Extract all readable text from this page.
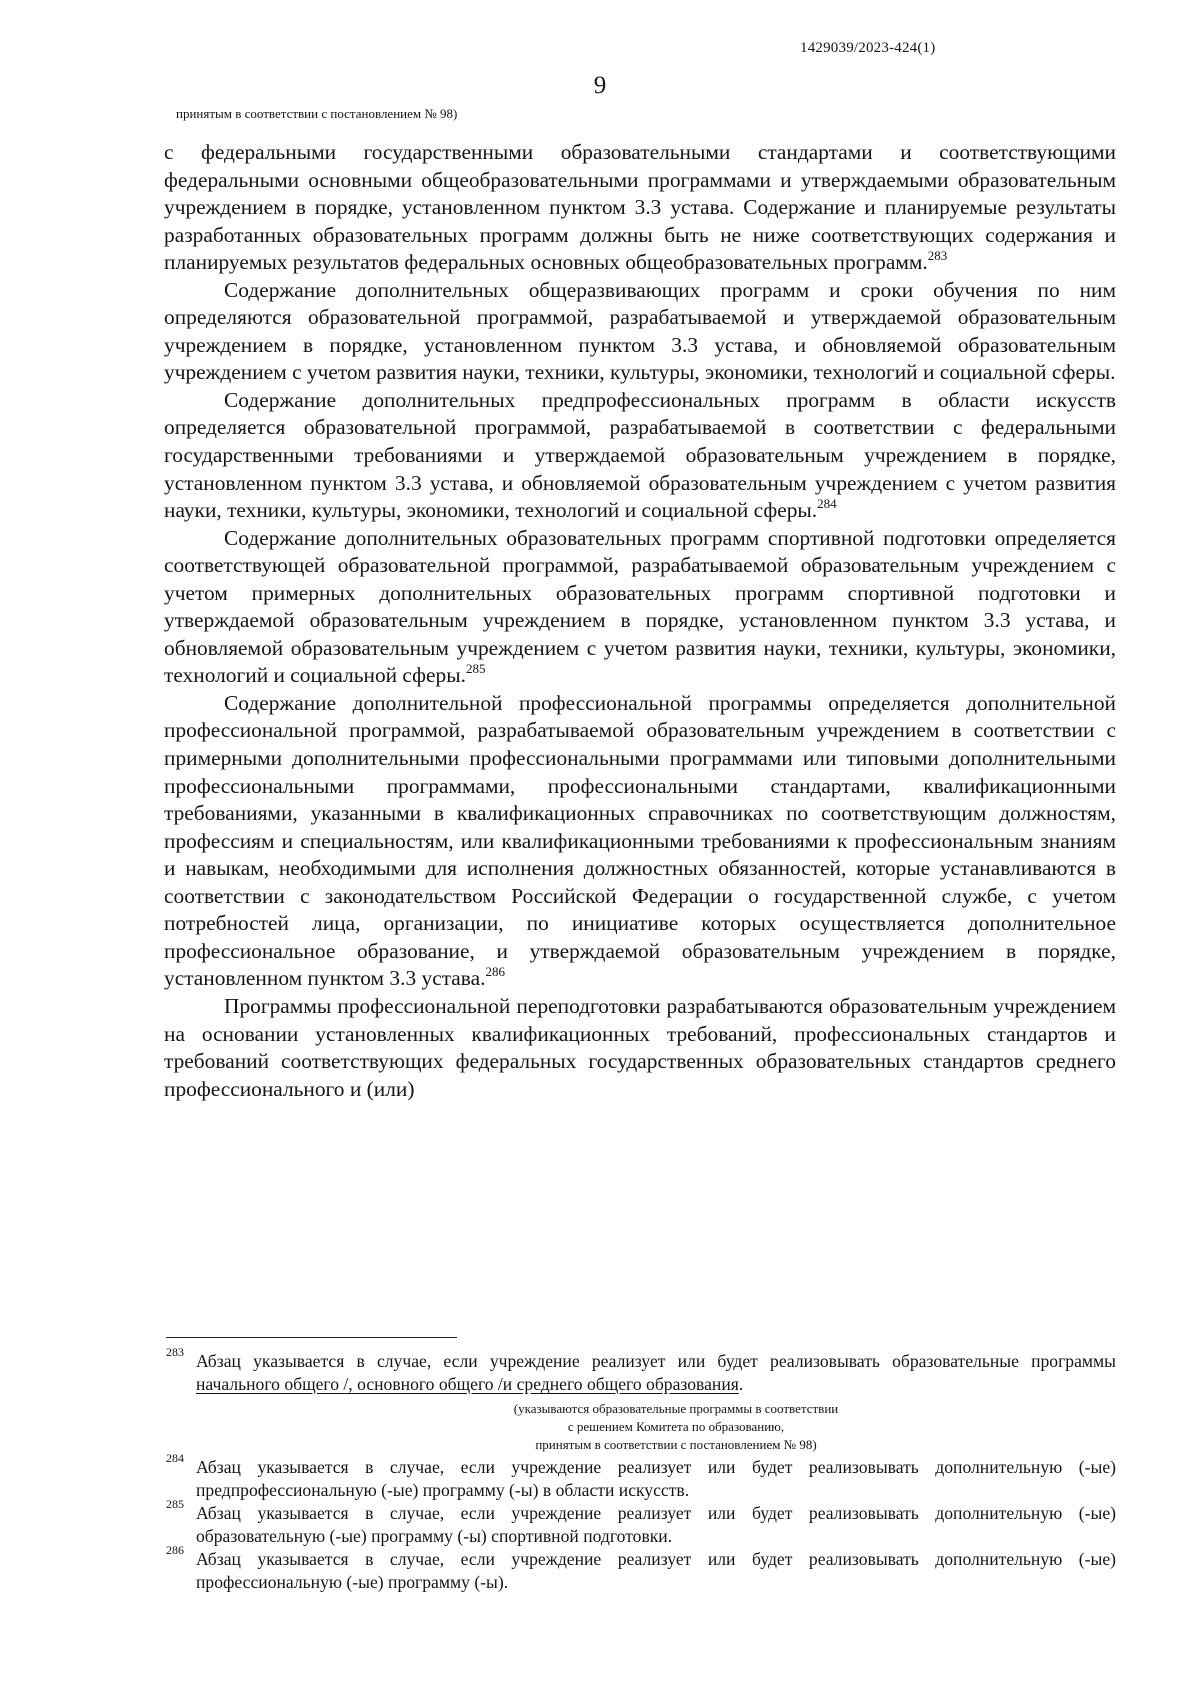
1429039/2023-424(1)
9
принятым в соответствии с постановлением № 98)

с федеральными государственными образовательными стандартами и соответствующими федеральными основными общеобразовательными программами и утверждаемыми образовательным учреждением в порядке, установленном пунктом 3.3 устава. Содержание и планируемые результаты разработанных образовательных программ должны быть не ниже соответствующих содержания и планируемых результатов федеральных основных общеобразовательных программ.$^{283}$

Содержание дополнительных общеразвивающих программ и сроки обучения по ним определяются образовательной программой, разрабатываемой и утверждаемой образовательным учреждением в порядке, установленном пунктом 3.3 устава, и обновляемой образовательным учреждением с учетом развития науки, техники, культуры, экономики, технологий и социальной сферы.

Содержание дополнительных предпрофессиональных программ в области искусств определяется образовательной программой, разрабатываемой в соответствии с федеральными государственными требованиями и утверждаемой образовательным учреждением в порядке, установленном пунктом 3.3 устава, и обновляемой образовательным учреждением с учетом развития науки, техники, культуры, экономики, технологий и социальной сферы.$^{284}$

Содержание дополнительных образовательных программ спортивной подготовки определяется соответствующей образовательной программой, разрабатываемой образовательным учреждением с учетом примерных дополнительных образовательных программ спортивной подготовки и утверждаемой образовательным учреждением в порядке, установленном пунктом 3.3 устава, и обновляемой образовательным учреждением с учетом развития науки, техники, культуры, экономики, технологий и социальной сферы.$^{285}$

Содержание дополнительной профессиональной программы определяется дополнительной профессиональной программой, разрабатываемой образовательным учреждением в соответствии с примерными дополнительными профессиональными программами или типовыми дополнительными профессиональными программами, профессиональными стандартами, квалификационными требованиями, указанными в квалификационных справочниках по соответствующим должностям, профессиям и специальностям, или квалификационными требованиями к профессиональным знаниям и навыкам, необходимыми для исполнения должностных обязанностей, которые устанавливаются в соответствии с законодательством Российской Федерации о государственной службе, с учетом потребностей лица, организации, по инициативе которых осуществляется дополнительное профессиональное образование, и утверждаемой образовательным учреждением в порядке, установленном пунктом 3.3 устава.$^{286}$

Программы профессиональной переподготовки разрабатываются образовательным учреждением на основании установленных квалификационных требований, профессиональных стандартов и требований соответствующих федеральных государственных образовательных стандартов среднего профессионального и (или)

283 Абзац указывается в случае, если учреждение реализует или будет реализовывать образовательные программы начального общего /, основного общего /и среднего общего образования.
(указываются образовательные программы в соответствии
с решением Комитета по образованию,
принятым в соответствии с постановлением № 98)
284 Абзац указывается в случае, если учреждение реализует или будет реализовывать дополнительную (-ые) предпрофессиональную (-ые) программу (-ы) в области искусств.
285 Абзац указывается в случае, если учреждение реализует или будет реализовывать дополнительную (-ые) образовательную (-ые) программу (-ы) спортивной подготовки.
286 Абзац указывается в случае, если учреждение реализует или будет реализовывать дополнительную (-ые) профессиональную (-ые) программу (-ы).
